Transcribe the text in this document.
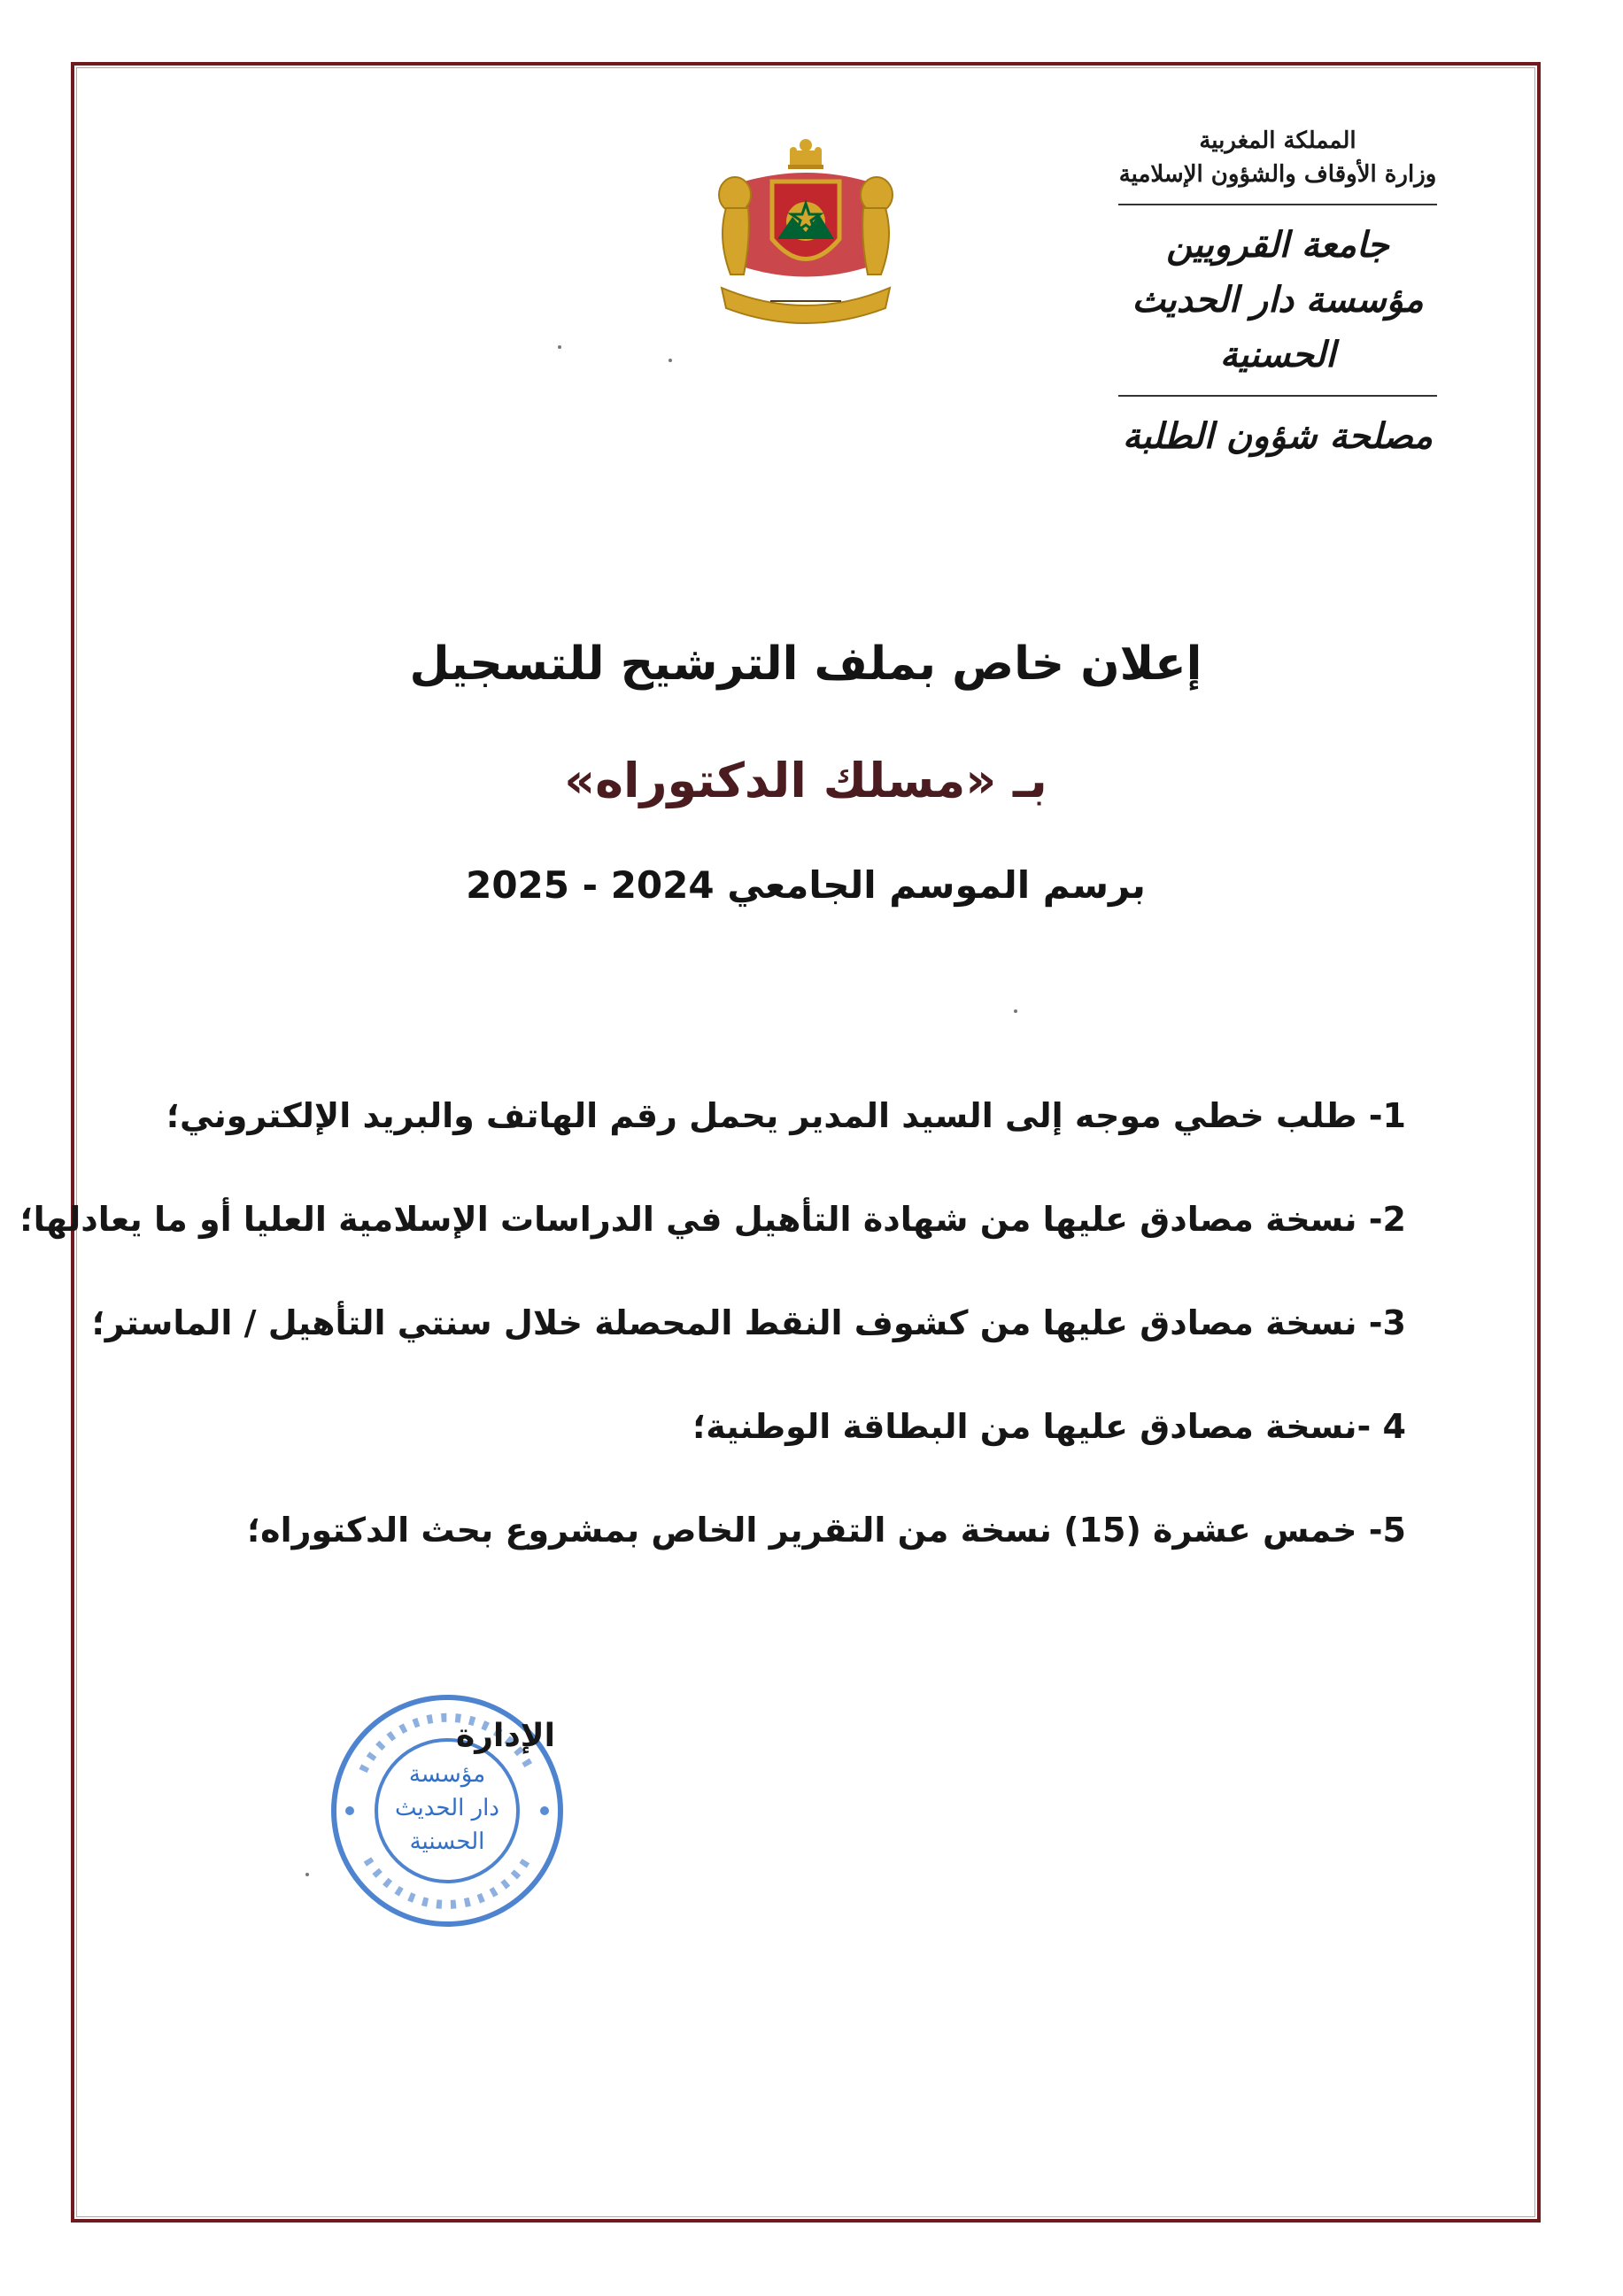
المملكة المغربية
وزارة الأوقاف والشؤون الإسلامية
جامعة القرويين
مؤسسة دار الحديث الحسنية
مصلحة شؤون الطلبة
إعلان خاص بملف الترشيح للتسجيل
بـ «مسلك الدكتوراه»
برسم الموسم الجامعي 2024 - 2025
1- طلب خطي موجه إلى السيد المدير يحمل رقم الهاتف والبريد الإلكتروني؛
2- نسخة مصادق عليها من شهادة التأهيل في الدراسات الإسلامية العليا أو ما يعادلها؛
3- نسخة مصادق عليها من كشوف النقط المحصلة خلال سنتي التأهيل / الماستر؛
4 -نسخة مصادق عليها من البطاقة الوطنية؛
5- خمس عشرة (15) نسخة من التقرير الخاص بمشروع بحث الدكتوراه؛
مؤسسة
دار الحديث
الحسنية
الإدارة
